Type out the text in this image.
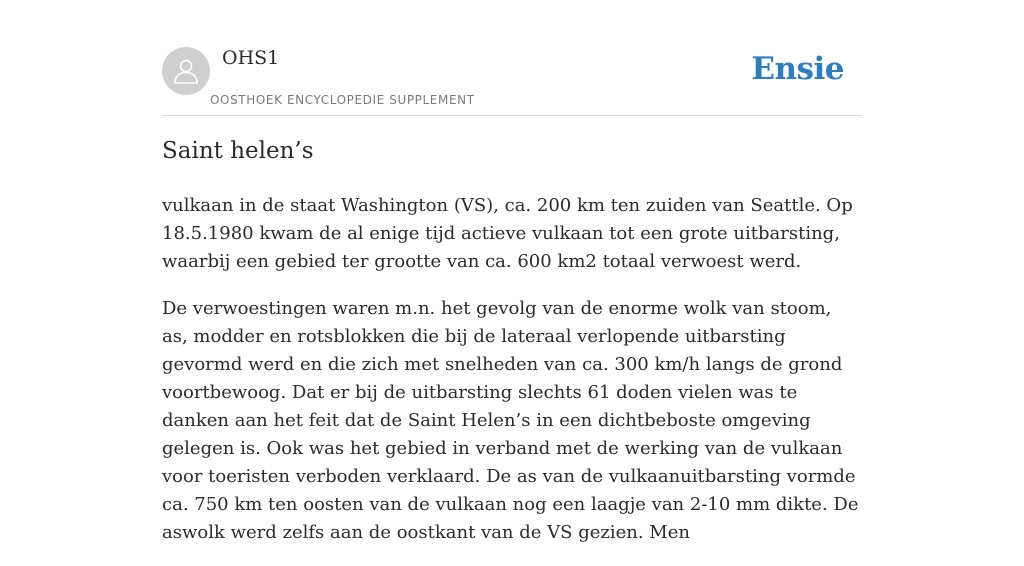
OHS1
OOSTHOEK ENCYCLOPEDIE SUPPLEMENT
Ensie
Saint helen’s

vulkaan in de staat Washington (VS), ca. 200 km ten zuiden van Seattle. Op 18.5.1980 kwam de al enige tijd actieve vulkaan tot een grote uitbarsting, waarbij een gebied ter grootte van ca. 600 km2 totaal verwoest werd.

De verwoestingen waren m.n. het gevolg van de enorme wolk van stoom, as, modder en rotsblokken die bij de lateraal verlopende uitbarsting gevormd werd en die zich met snelheden van ca. 300 km/h langs de grond voortbewoog. Dat er bij de uitbarsting slechts 61 doden vielen was te danken aan het feit dat de Saint Helen’s in een dichtbeboste omgeving gelegen is. Ook was het gebied in verband met de werking van de vulkaan voor toeristen verboden verklaard. De as van de vulkaanuitbarsting vormde ca. 750 km ten oosten van de vulkaan nog een laagje van 2-10 mm dikte. De aswolk werd zelfs aan de oostkant van de VS gezien. Men
